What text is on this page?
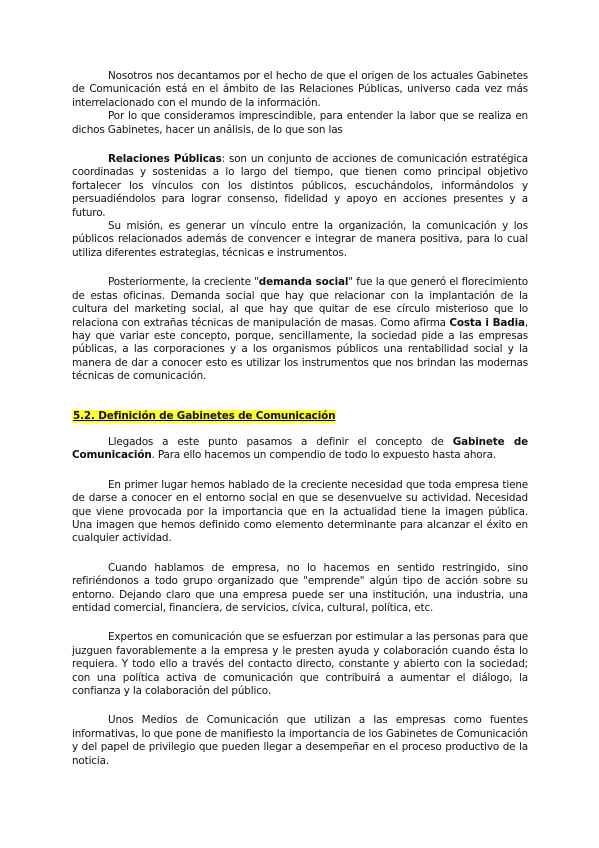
Nosotros nos decantamos por el hecho de que el origen de los actuales Gabinetes de Comunicación está en el ámbito de las Relaciones Públicas, universo cada vez más interrelacionado con el mundo de la información.

Por lo que consideramos imprescindible, para entender la labor que se realiza en dichos Gabinetes, hacer un análisis, de lo que son las

Relaciones Públicas: son un conjunto de acciones de comunicación estratégica coordinadas y sostenidas a lo largo del tiempo, que tienen como principal objetivo fortalecer los vínculos con los distintos públicos, escuchándolos, informándolos y persuadiéndolos para lograr consenso, fidelidad y apoyo en acciones presentes y a futuro.

Su misión, es generar un vínculo entre la organización, la comunicación y los públicos relacionados además de convencer e integrar de manera positiva, para lo cual utiliza diferentes estrategias, técnicas e instrumentos.

Posteriormente, la creciente "demanda social" fue la que generó el florecimiento de estas oficinas. Demanda social que hay que relacionar con la implantación de la cultura del marketing social, al que hay que quitar de ese círculo misterioso que lo relaciona con extrañas técnicas de manipulación de masas. Como afirma Costa i Badia, hay que variar este concepto, porque, sencillamente, la sociedad pide a las empresas públicas, a las corporaciones y a los organismos públicos una rentabilidad social y la manera de dar a conocer esto es utilizar los instrumentos que nos brindan las modernas técnicas de comunicación.

5.2. Definición de Gabinetes de Comunicación

Llegados a este punto pasamos a definir el concepto de Gabinete de Comunicación. Para ello hacemos un compendio de todo lo expuesto hasta ahora.

En primer lugar hemos hablado de la creciente necesidad que toda empresa tiene de darse a conocer en el entorno social en que se desenvuelve su actividad. Necesidad que viene provocada por la importancia que en la actualidad tiene la imagen pública. Una imagen que hemos definido como elemento determinante para alcanzar el éxito en cualquier actividad.

Cuando hablamos de empresa, no lo hacemos en sentido restringido, sino refiriéndonos a todo grupo organizado que "emprende" algún tipo de acción sobre su entorno. Dejando claro que una empresa puede ser una institución, una industria, una entidad comercial, financiera, de servicios, cívica, cultural, política, etc.

Expertos en comunicación que se esfuerzan por estimular a las personas para que juzguen favorablemente a la empresa y le presten ayuda y colaboración cuando ésta lo requiera. Y todo ello a través del contacto directo, constante y abierto con la sociedad; con una política activa de comunicación que contribuirá a aumentar el diálogo, la confianza y la colaboración del público.

Unos Medios de Comunicación que utilizan a las empresas como fuentes informativas, lo que pone de manifiesto la importancia de los Gabinetes de Comunicación y del papel de privilegio que pueden llegar a desempeñar en el proceso productivo de la noticia.
